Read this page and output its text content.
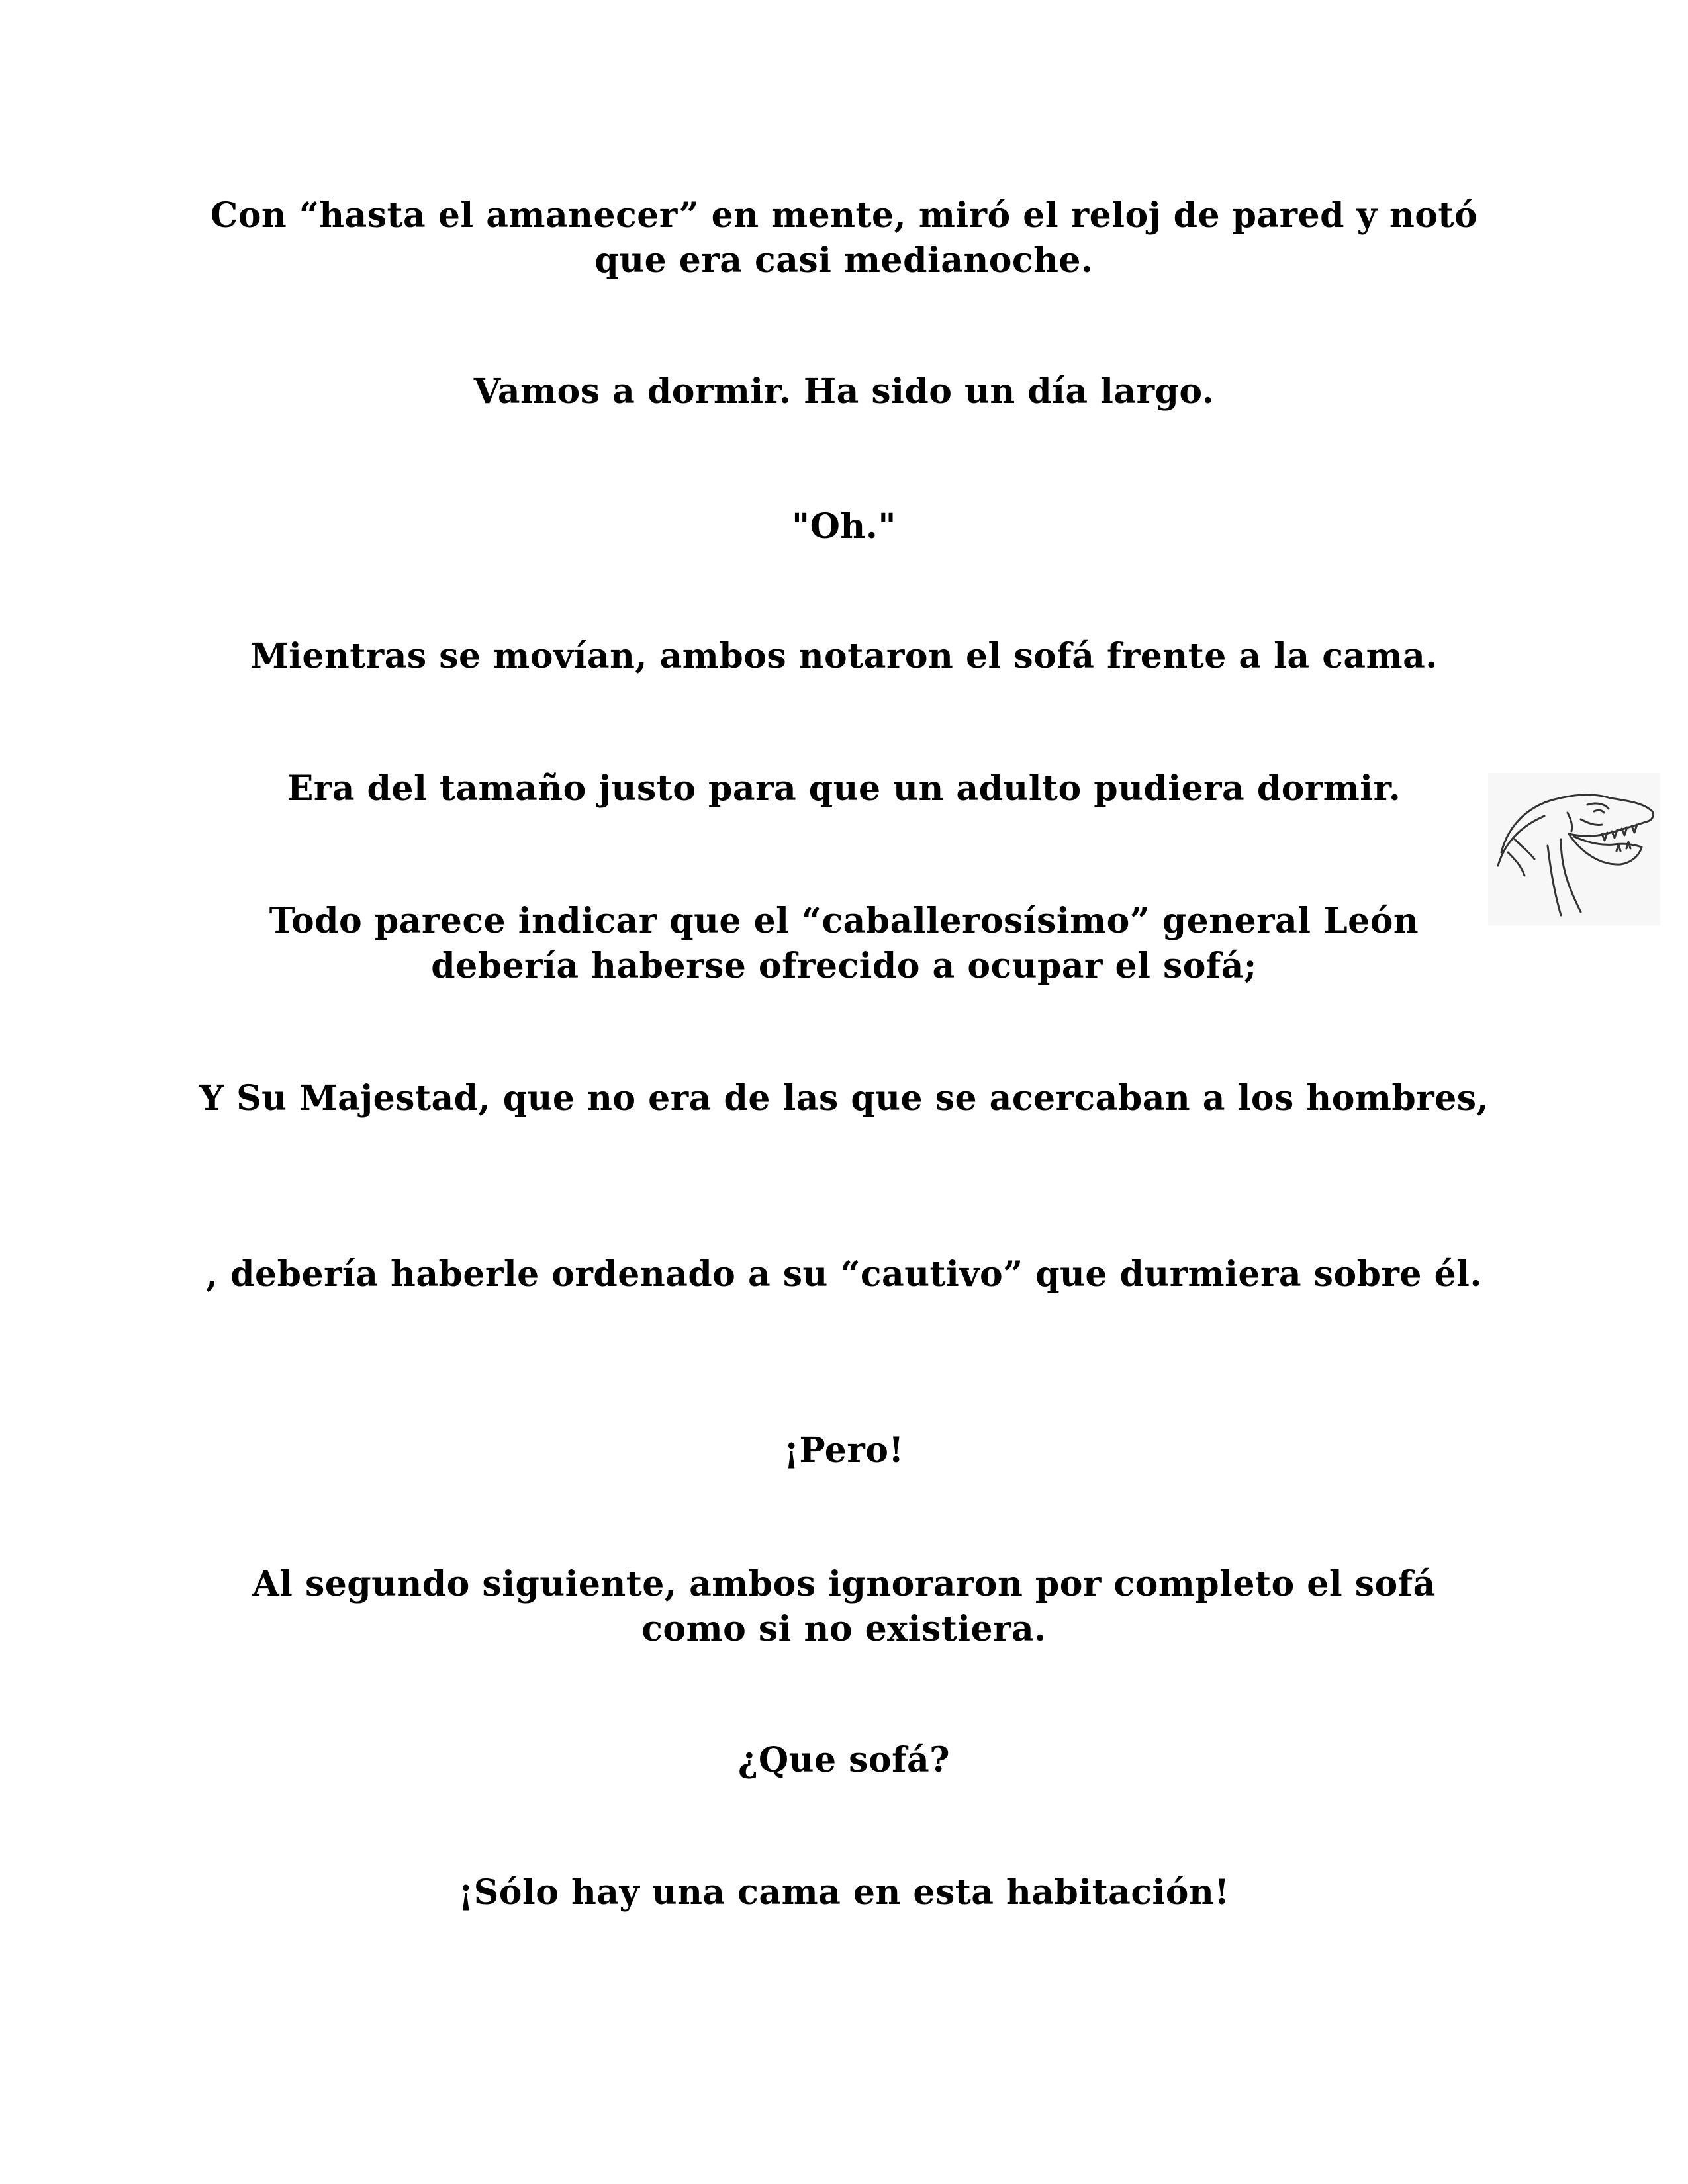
Con “hasta el amanecer” en mente, miró el reloj de pared y notó que era casi medianoche.
Vamos a dormir. Ha sido un día largo.
"Oh."
Mientras se movían, ambos notaron el sofá frente a la cama.
Era del tamaño justo para que un adulto pudiera dormir.
Todo parece indicar que el “caballerosísimo” general León debería haberse ofrecido a ocupar el sofá;
Y Su Majestad, que no era de las que se acercaban a los hombres,
, debería haberle ordenado a su “cautivo” que durmiera sobre él.
¡Pero!
Al segundo siguiente, ambos ignoraron por completo el sofá como si no existiera.
¿Que sofá?
¡Sólo hay una cama en esta habitación!
